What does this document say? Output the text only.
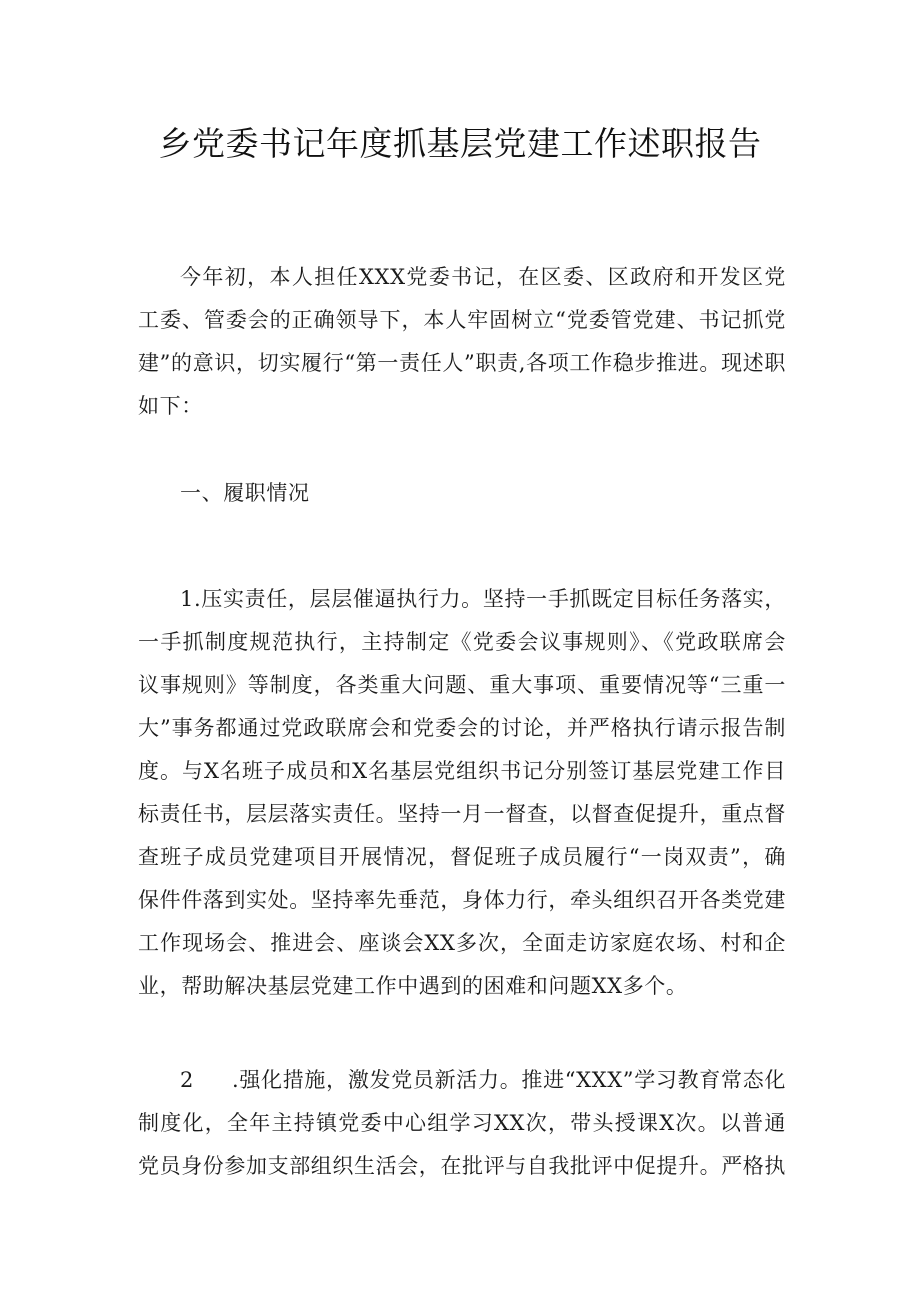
乡党委书记年度抓基层党建工作述职报告

今年初，本人担任XXX党委书记，在区委、区政府和开发区党工委、管委会的正确领导下，本人牢固树立“党委管党建、书记抓党建”的意识，切实履行“第一责任人”职责,各项工作稳步推进。现述职如下：

一、履职情况

1.压实责任，层层催逼执行力。坚持一手抓既定目标任务落实，一手抓制度规范执行，主持制定《党委会议事规则》、《党政联席会议事规则》等制度，各类重大问题、重大事项、重要情况等“三重一大”事务都通过党政联席会和党委会的讨论，并严格执行请示报告制度。与X名班子成员和X名基层党组织书记分别签订基层党建工作目标责任书，层层落实责任。坚持一月一督查，以督查促提升，重点督查班子成员党建项目开展情况，督促班子成员履行“一岗双责”，确保件件落到实处。坚持率先垂范，身体力行，牵头组织召开各类党建工作现场会、推进会、座谈会XX多次，全面走访家庭农场、村和企业，帮助解决基层党建工作中遇到的困难和问题XX多个。

2 .强化措施，激发党员新活力。推进“XXX”学习教育常态化制度化，全年主持镇党委中心组学习XX次，带头授课X次。以普通党员身份参加支部组织生活会，在批评与自我批评中促提升。严格执
